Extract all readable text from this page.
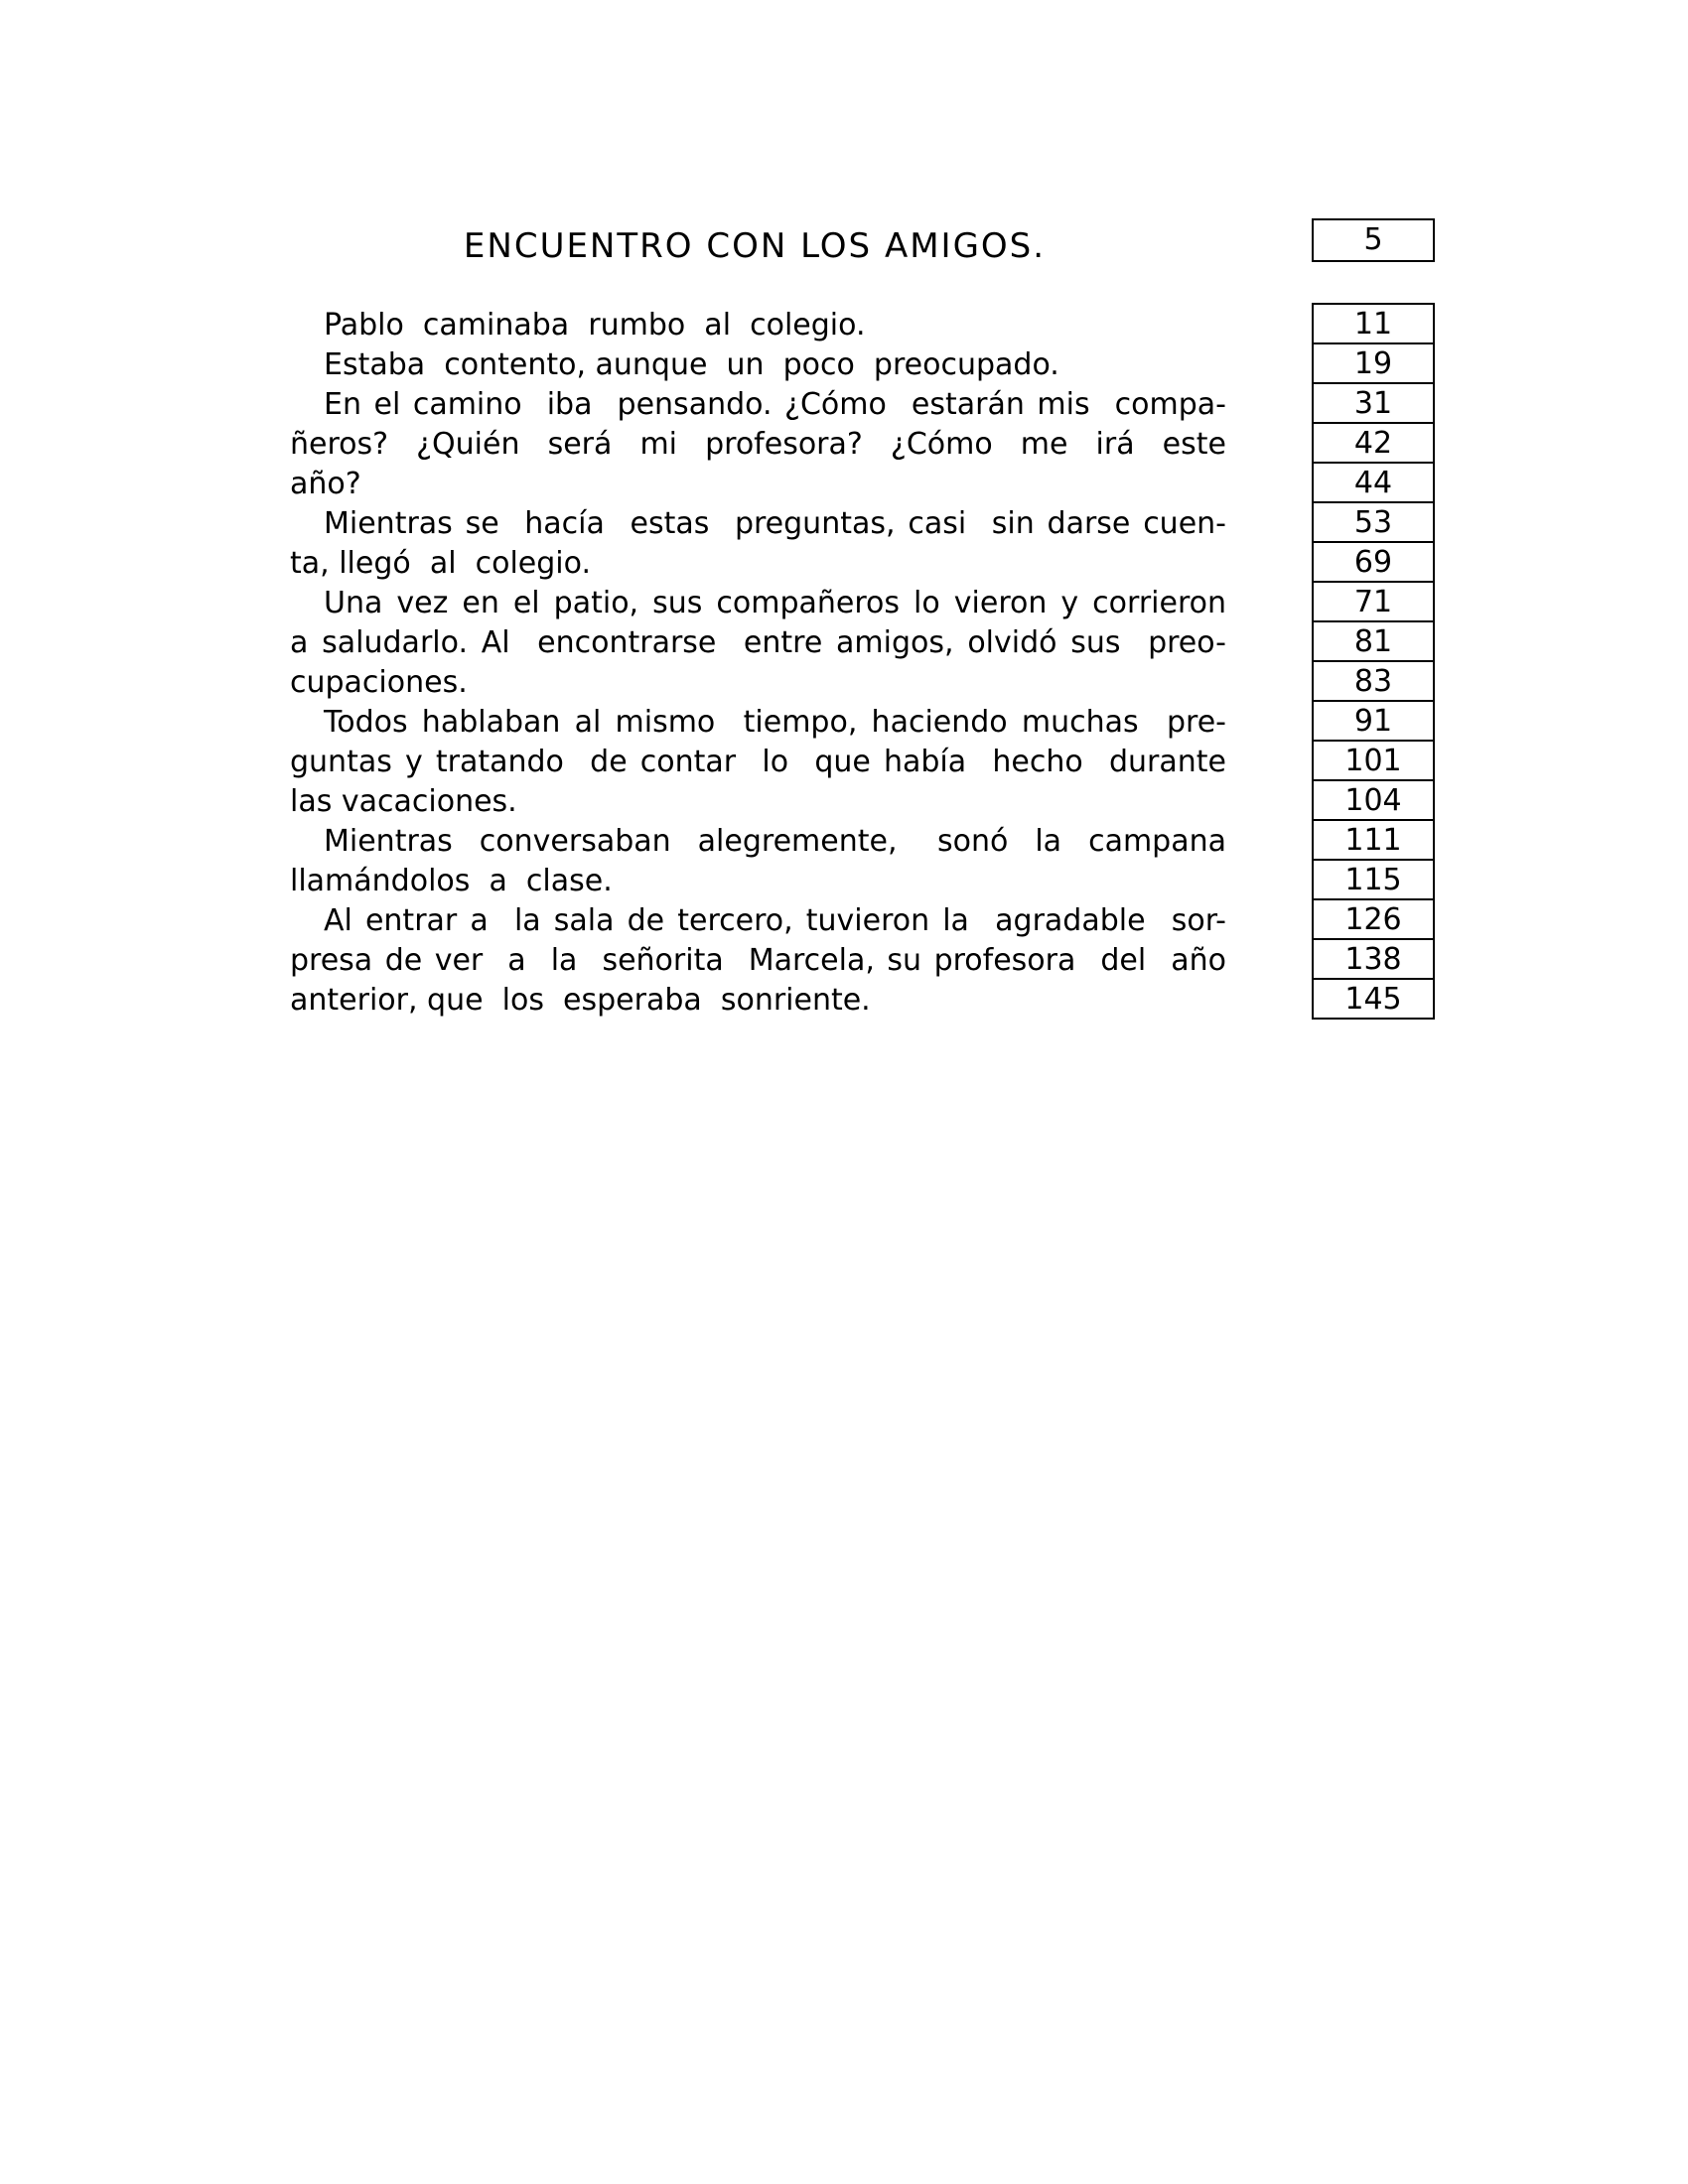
ENCUENTRO CON LOS AMIGOS.	5
Pablo  caminaba  rumbo  al  colegio.
Estaba  contento, aunque  un  poco  preocupado.
En el camino  iba  pensando. ¿Cómo  estarán mis  compa-
ñeros?  ¿Quién  será  mi  profesora?  ¿Cómo  me  irá  este
año?
Mientras se  hacía  estas  preguntas, casi  sin darse cuen-
ta, llegó  al  colegio.
Una vez en el patio, sus compañeros lo vieron y corrieron
a saludarlo. Al  encontrarse  entre amigos, olvidó sus  preo-
cupaciones.
Todos hablaban al mismo  tiempo, haciendo muchas  pre-
guntas y tratando  de contar  lo  que había  hecho  durante
las vacaciones.
Mientras  conversaban  alegremente,   sonó  la  campana
llamándolos  a  clase.
Al entrar a  la sala de tercero, tuvieron la  agradable  sor-
presa de ver  a  la  señorita  Marcela, su profesora  del  año
anterior, que  los  esperaba  sonriente.
11
19
31
42
44
53
69
71
81
83
91
101
104
111
115
126
138
145
